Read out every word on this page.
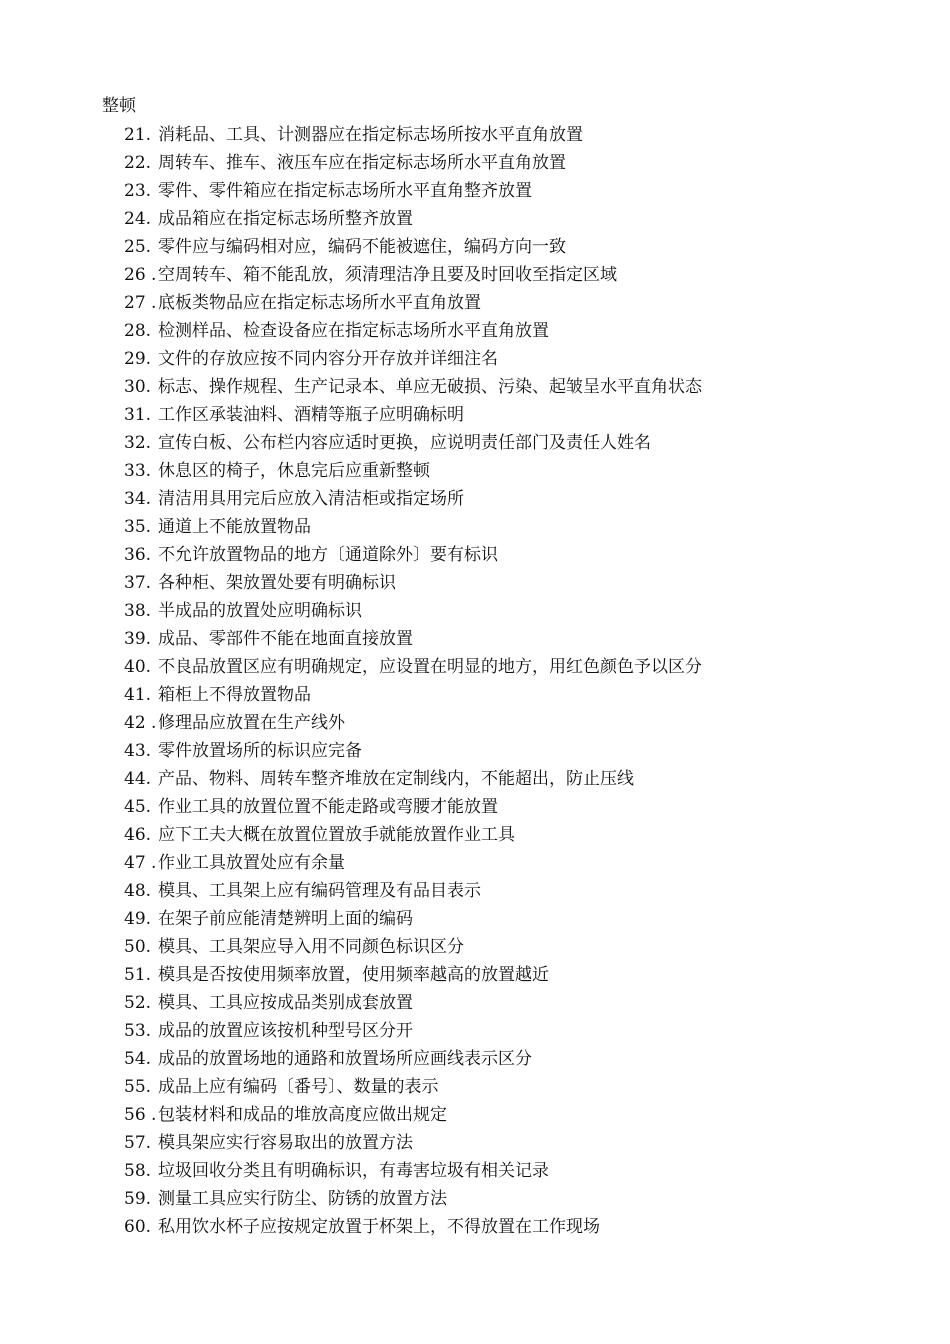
整顿
21. 消耗品、工具、计测器应在指定标志场所按水平直角放置
22. 周转车、推车、液压车应在指定标志场所水平直角放置
23. 零件、零件箱应在指定标志场所水平直角整齐放置
24. 成品箱应在指定标志场所整齐放置
25. 零件应与编码相对应，编码不能被遮住，编码方向一致
26 .空周转车、箱不能乱放，须清理洁净且要及时回收至指定区域
27 .底板类物品应在指定标志场所水平直角放置
28. 检测样品、检查设备应在指定标志场所水平直角放置
29. 文件的存放应按不同内容分开存放并详细注名
30. 标志、操作规程、生产记录本、单应无破损、污染、起皱呈水平直角状态
31. 工作区承装油料、酒精等瓶子应明确标明
32. 宣传白板、公布栏内容应适时更换，应说明责任部门及责任人姓名
33. 休息区的椅子，休息完后应重新整顿
34. 清洁用具用完后应放入清洁柜或指定场所
35. 通道上不能放置物品
36. 不允许放置物品的地方〔通道除外〕要有标识
37. 各种柜、架放置处要有明确标识
38. 半成品的放置处应明确标识
39. 成品、零部件不能在地面直接放置
40. 不良品放置区应有明确规定，应设置在明显的地方，用红色颜色予以区分
41. 箱柜上不得放置物品
42 .修理品应放置在生产线外
43. 零件放置场所的标识应完备
44. 产品、物料、周转车整齐堆放在定制线内，不能超出，防止压线
45. 作业工具的放置位置不能走路或弯腰才能放置
46. 应下工夫大概在放置位置放手就能放置作业工具
47 .作业工具放置处应有余量
48. 模具、工具架上应有编码管理及有品目表示
49. 在架子前应能清楚辨明上面的编码
50. 模具、工具架应导入用不同颜色标识区分
51. 模具是否按使用频率放置，使用频率越高的放置越近
52. 模具、工具应按成品类别成套放置
53. 成品的放置应该按机种型号区分开
54. 成品的放置场地的通路和放置场所应画线表示区分
55. 成品上应有编码〔番号〕、数量的表示
56 .包装材料和成品的堆放高度应做出规定
57. 模具架应实行容易取出的放置方法
58. 垃圾回收分类且有明确标识，有毒害垃圾有相关记录
59. 测量工具应实行防尘、防锈的放置方法
60. 私用饮水杯子应按规定放置于杯架上，不得放置在工作现场
